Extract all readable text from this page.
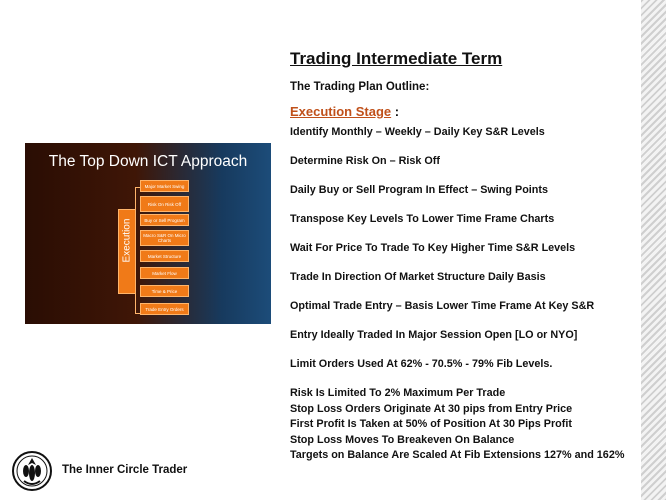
Trading Intermediate Term
The Trading Plan Outline:
Execution Stage :
Identify Monthly – Weekly – Daily Key S&R Levels
Determine Risk On – Risk Off
Daily Buy or Sell Program In Effect – Swing Points
Transpose Key Levels To Lower Time Frame Charts
Wait For Price To Trade To Key Higher Time S&R Levels
Trade In Direction Of Market Structure Daily Basis
Optimal Trade Entry – Basis Lower Time Frame At Key S&R
Entry Ideally Traded In Major Session Open [LO or NYO]
Limit Orders Used At 62% - 70.5% - 79% Fib Levels.
Risk Is Limited To 2% Maximum Per Trade
Stop Loss Orders Originate At 30 pips from Entry Price
First Profit Is Taken at 50% of Position At 30 Pips Profit
Stop Loss Moves To Breakeven On Balance
Targets on Balance Are Scaled At Fib Extensions 127% and 162%
The Top Down ICT Approach
Execution
Major Market Swing
Risk On Risk Off
Buy or Sell Program
Macro S&R On Micro Charts
Market Structure
Market Flow
Time & Price
Trade Entry Orders
The Inner Circle Trader
